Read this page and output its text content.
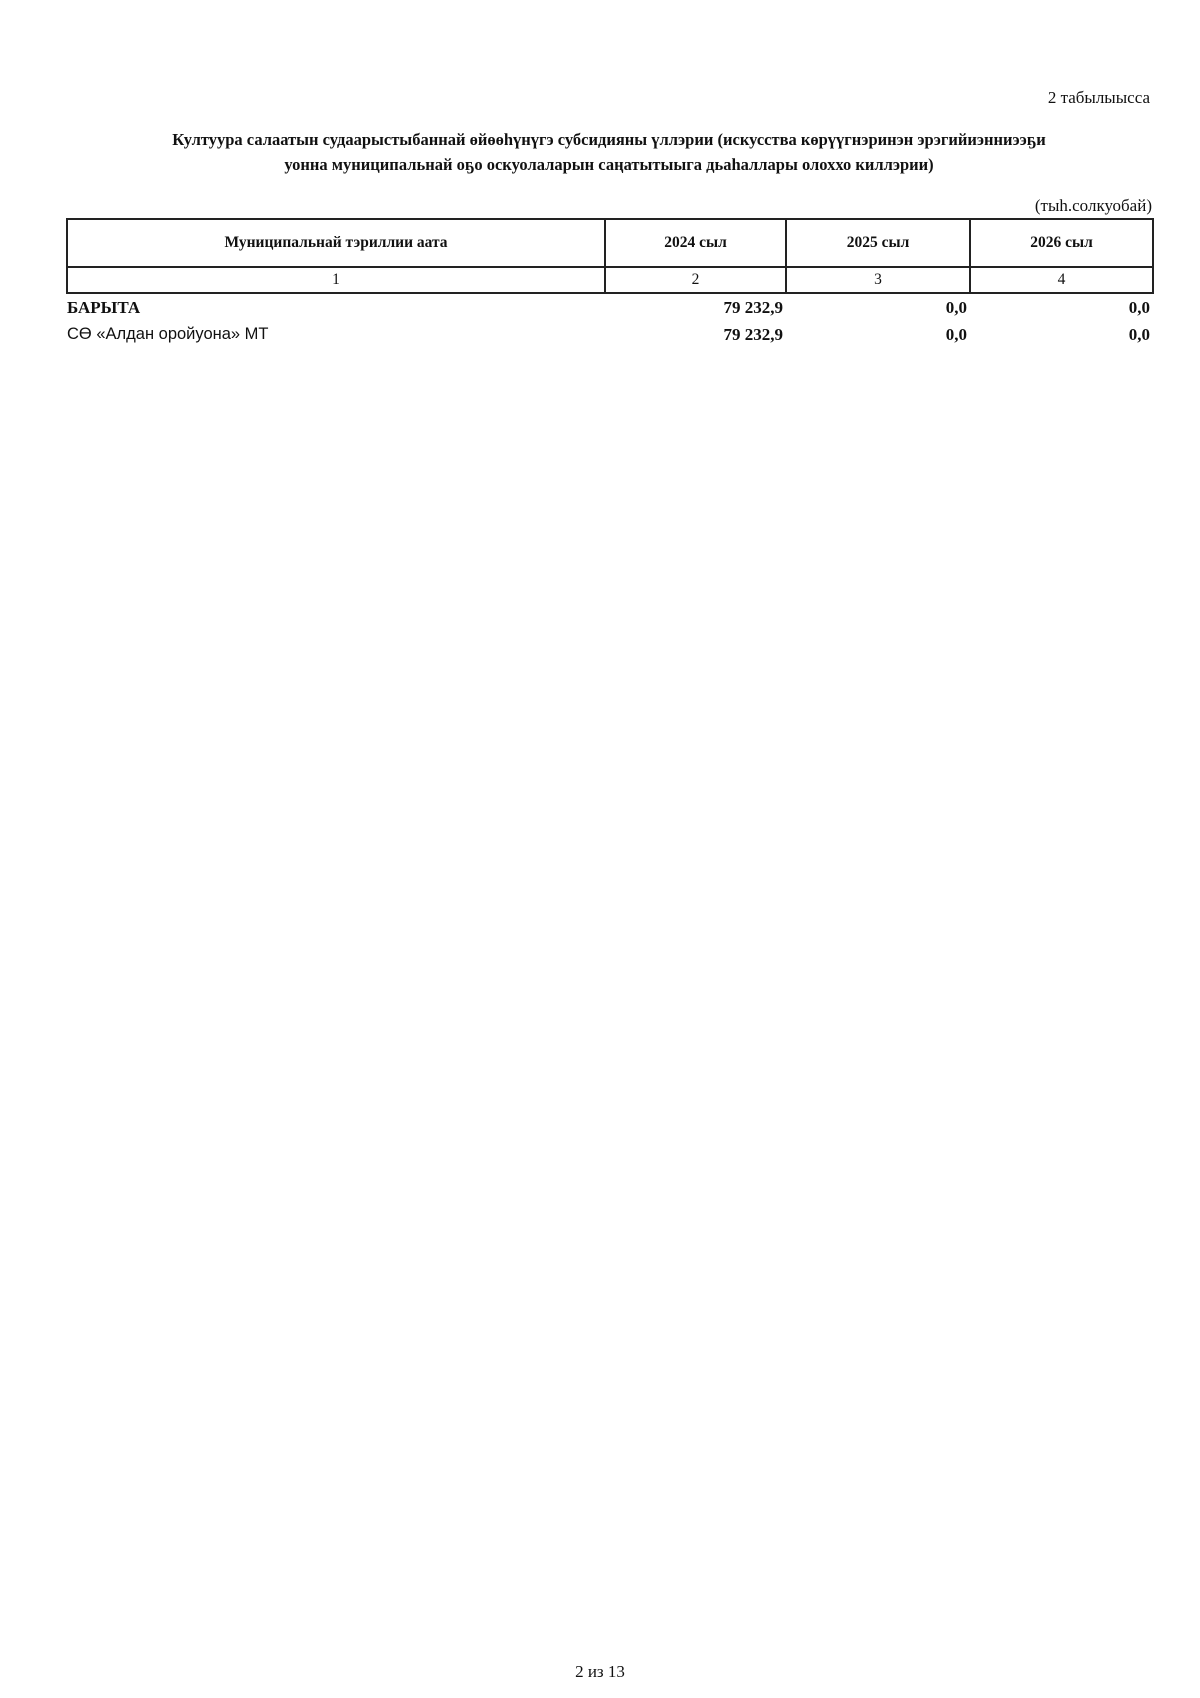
2 табылыысса
Култуура салаатын судаарыстыбаннай өйөөһүнүгэ субсидияны үллэрии (искусства көрүүгнэринэн эрэгийиэнниээҕи
уонна муниципальнай оҕо оскуолаларын саңатытыыга дьаһаллары олоххо киллэрии)
(тыh.солкуобай)
Муниципальнай тэриллии аата	2024 сыл	2025 сыл	2026 сыл
1	2	3	4
БАРЫТА	79 232,9	0,0	0,0
СӨ «Алдан оройуона» МТ	79 232,9	0,0	0,0
2 из 13
